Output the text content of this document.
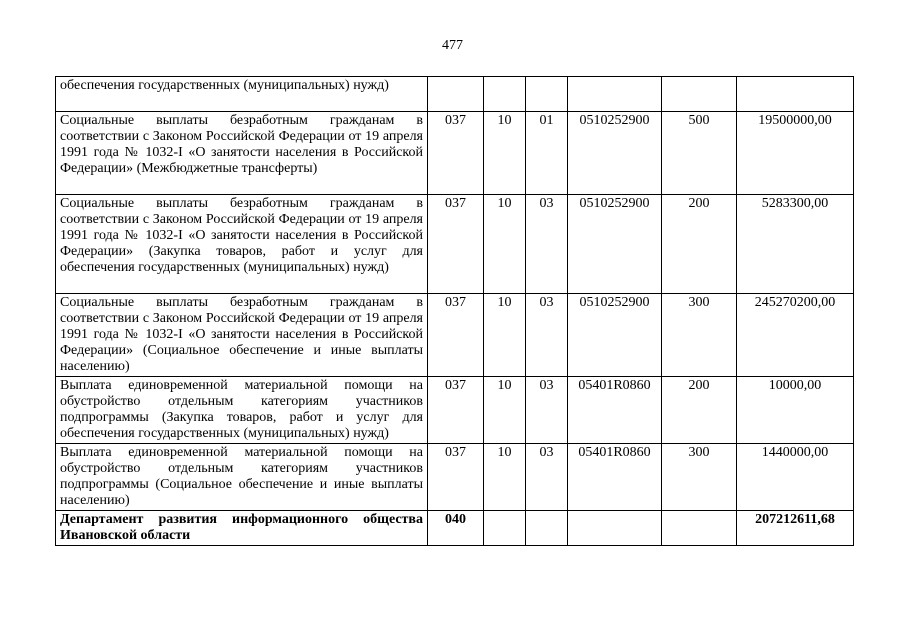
477
обеспечения государственных (муниципальных) нужд)						
Социальные выплаты безработным гражданам в соответствии с Законом Российской Федерации от 19 апреля 1991 года № 1032-I «О занятости населения в Российской Федерации» (Межбюджетные трансферты)	037	10	01	0510252900	500	19500000,00
Социальные выплаты безработным гражданам в соответствии с Законом Российской Федерации от 19 апреля 1991 года № 1032-I «О занятости населения в Российской Федерации» (Закупка товаров, работ и услуг для обеспечения государственных (муниципальных) нужд)	037	10	03	0510252900	200	5283300,00
Социальные выплаты безработным гражданам в соответствии с Законом Российской Федерации от 19 апреля 1991 года № 1032-I «О занятости населения в Российской Федерации» (Социальное обеспечение и иные выплаты населению)	037	10	03	0510252900	300	245270200,00
Выплата единовременной материальной помощи на обустройство отдельным категориям участников подпрограммы (Закупка товаров, работ и услуг для обеспечения государственных (муниципальных) нужд)	037	10	03	05401R0860	200	10000,00
Выплата единовременной материальной помощи на обустройство отдельным категориям участников подпрограммы (Социальное обеспечение и иные выплаты населению)	037	10	03	05401R0860	300	1440000,00
Департамент развития информационного общества Ивановской области	040					207212611,68
